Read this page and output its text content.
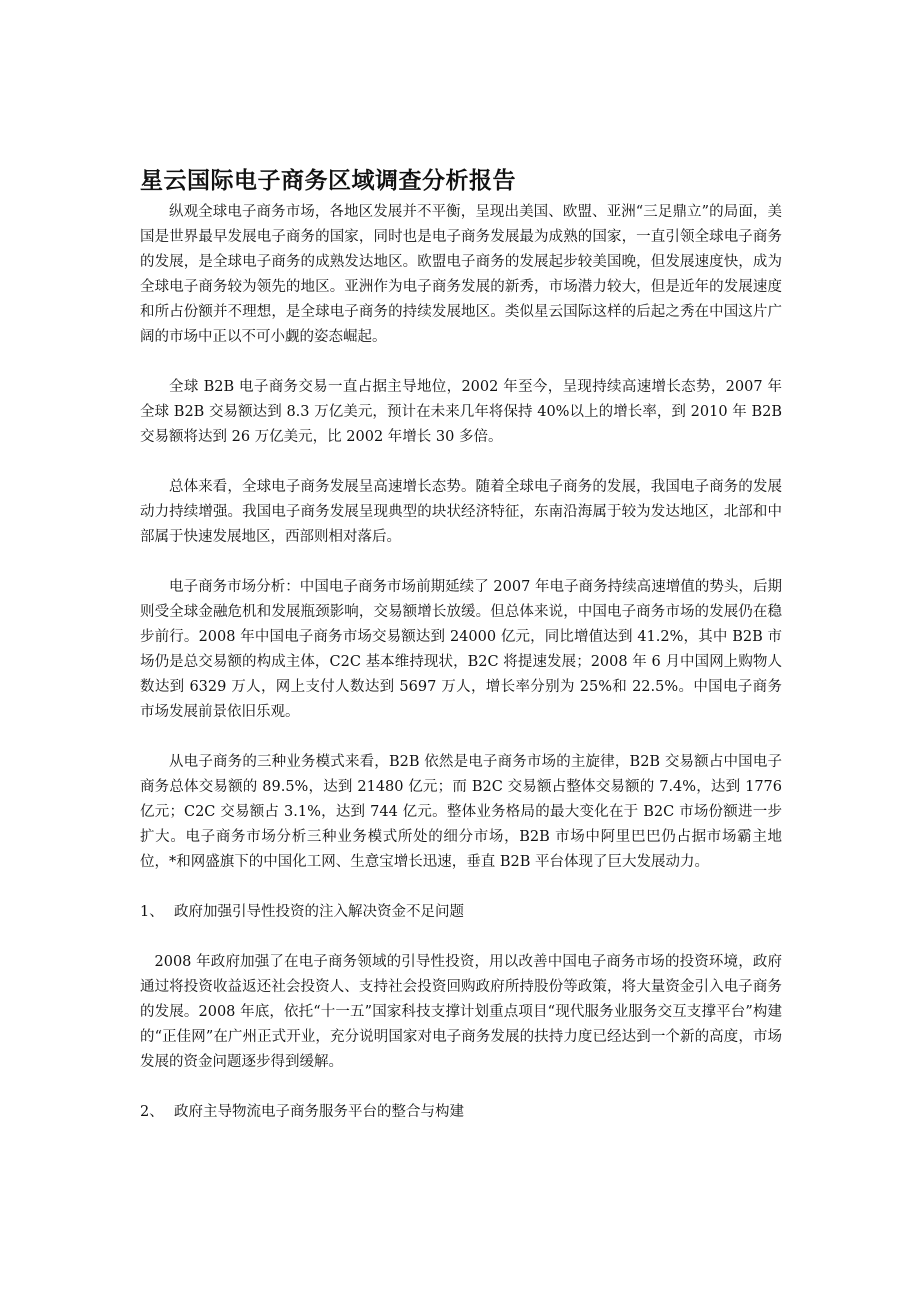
星云国际电子商务区域调查分析报告

纵观全球电子商务市场，各地区发展并不平衡，呈现出美国、欧盟、亚洲“三足鼎立”的局面，美国是世界最早发展电子商务的国家，同时也是电子商务发展最为成熟的国家，一直引领全球电子商务的发展，是全球电子商务的成熟发达地区。欧盟电子商务的发展起步较美国晚，但发展速度快，成为全球电子商务较为领先的地区。亚洲作为电子商务发展的新秀，市场潜力较大，但是近年的发展速度和所占份额并不理想，是全球电子商务的持续发展地区。类似星云国际这样的后起之秀在中国这片广阔的市场中正以不可小觑的姿态崛起。

全球 B2B 电子商务交易一直占据主导地位，2002 年至今，呈现持续高速增长态势，2007 年全球 B2B 交易额达到 8.3 万亿美元，预计在未来几年将保持 40%以上的增长率，到 2010 年 B2B 交易额将达到 26 万亿美元，比 2002 年增长 30 多倍。

总体来看，全球电子商务发展呈高速增长态势。随着全球电子商务的发展，我国电子商务的发展动力持续增强。我国电子商务发展呈现典型的块状经济特征，东南沿海属于较为发达地区，北部和中部属于快速发展地区，西部则相对落后。

电子商务市场分析：中国电子商务市场前期延续了 2007 年电子商务持续高速增值的势头，后期则受全球金融危机和发展瓶颈影响，交易额增长放缓。但总体来说，中国电子商务市场的发展仍在稳步前行。2008 年中国电子商务市场交易额达到 24000 亿元，同比增值达到 41.2%，其中 B2B 市场仍是总交易额的构成主体，C2C 基本维持现状，B2C 将提速发展；2008 年 6 月中国网上购物人数达到 6329 万人，网上支付人数达到 5697 万人，增长率分别为 25%和 22.5%。中国电子商务市场发展前景依旧乐观。

从电子商务的三种业务模式来看，B2B 依然是电子商务市场的主旋律，B2B 交易额占中国电子商务总体交易额的 89.5%，达到 21480 亿元；而 B2C 交易额占整体交易额的 7.4%，达到 1776 亿元；C2C 交易额占 3.1%，达到 744 亿元。整体业务格局的最大变化在于 B2C 市场份额进一步扩大。电子商务市场分析三种业务模式所处的细分市场，B2B 市场中阿里巴巴仍占据市场霸主地位，*和网盛旗下的中国化工网、生意宝增长迅速，垂直 B2B 平台体现了巨大发展动力。

1、 政府加强引导性投资的注入解决资金不足问题

2008 年政府加强了在电子商务领域的引导性投资，用以改善中国电子商务市场的投资环境，政府通过将投资收益返还社会投资人、支持社会投资回购政府所持股份等政策，将大量资金引入电子商务的发展。2008 年底，依托“十一五”国家科技支撑计划重点项目“现代服务业服务交互支撑平台”构建的“正佳网”在广州正式开业，充分说明国家对电子商务发展的扶持力度已经达到一个新的高度，市场发展的资金问题逐步得到缓解。

2、 政府主导物流电子商务服务平台的整合与构建
